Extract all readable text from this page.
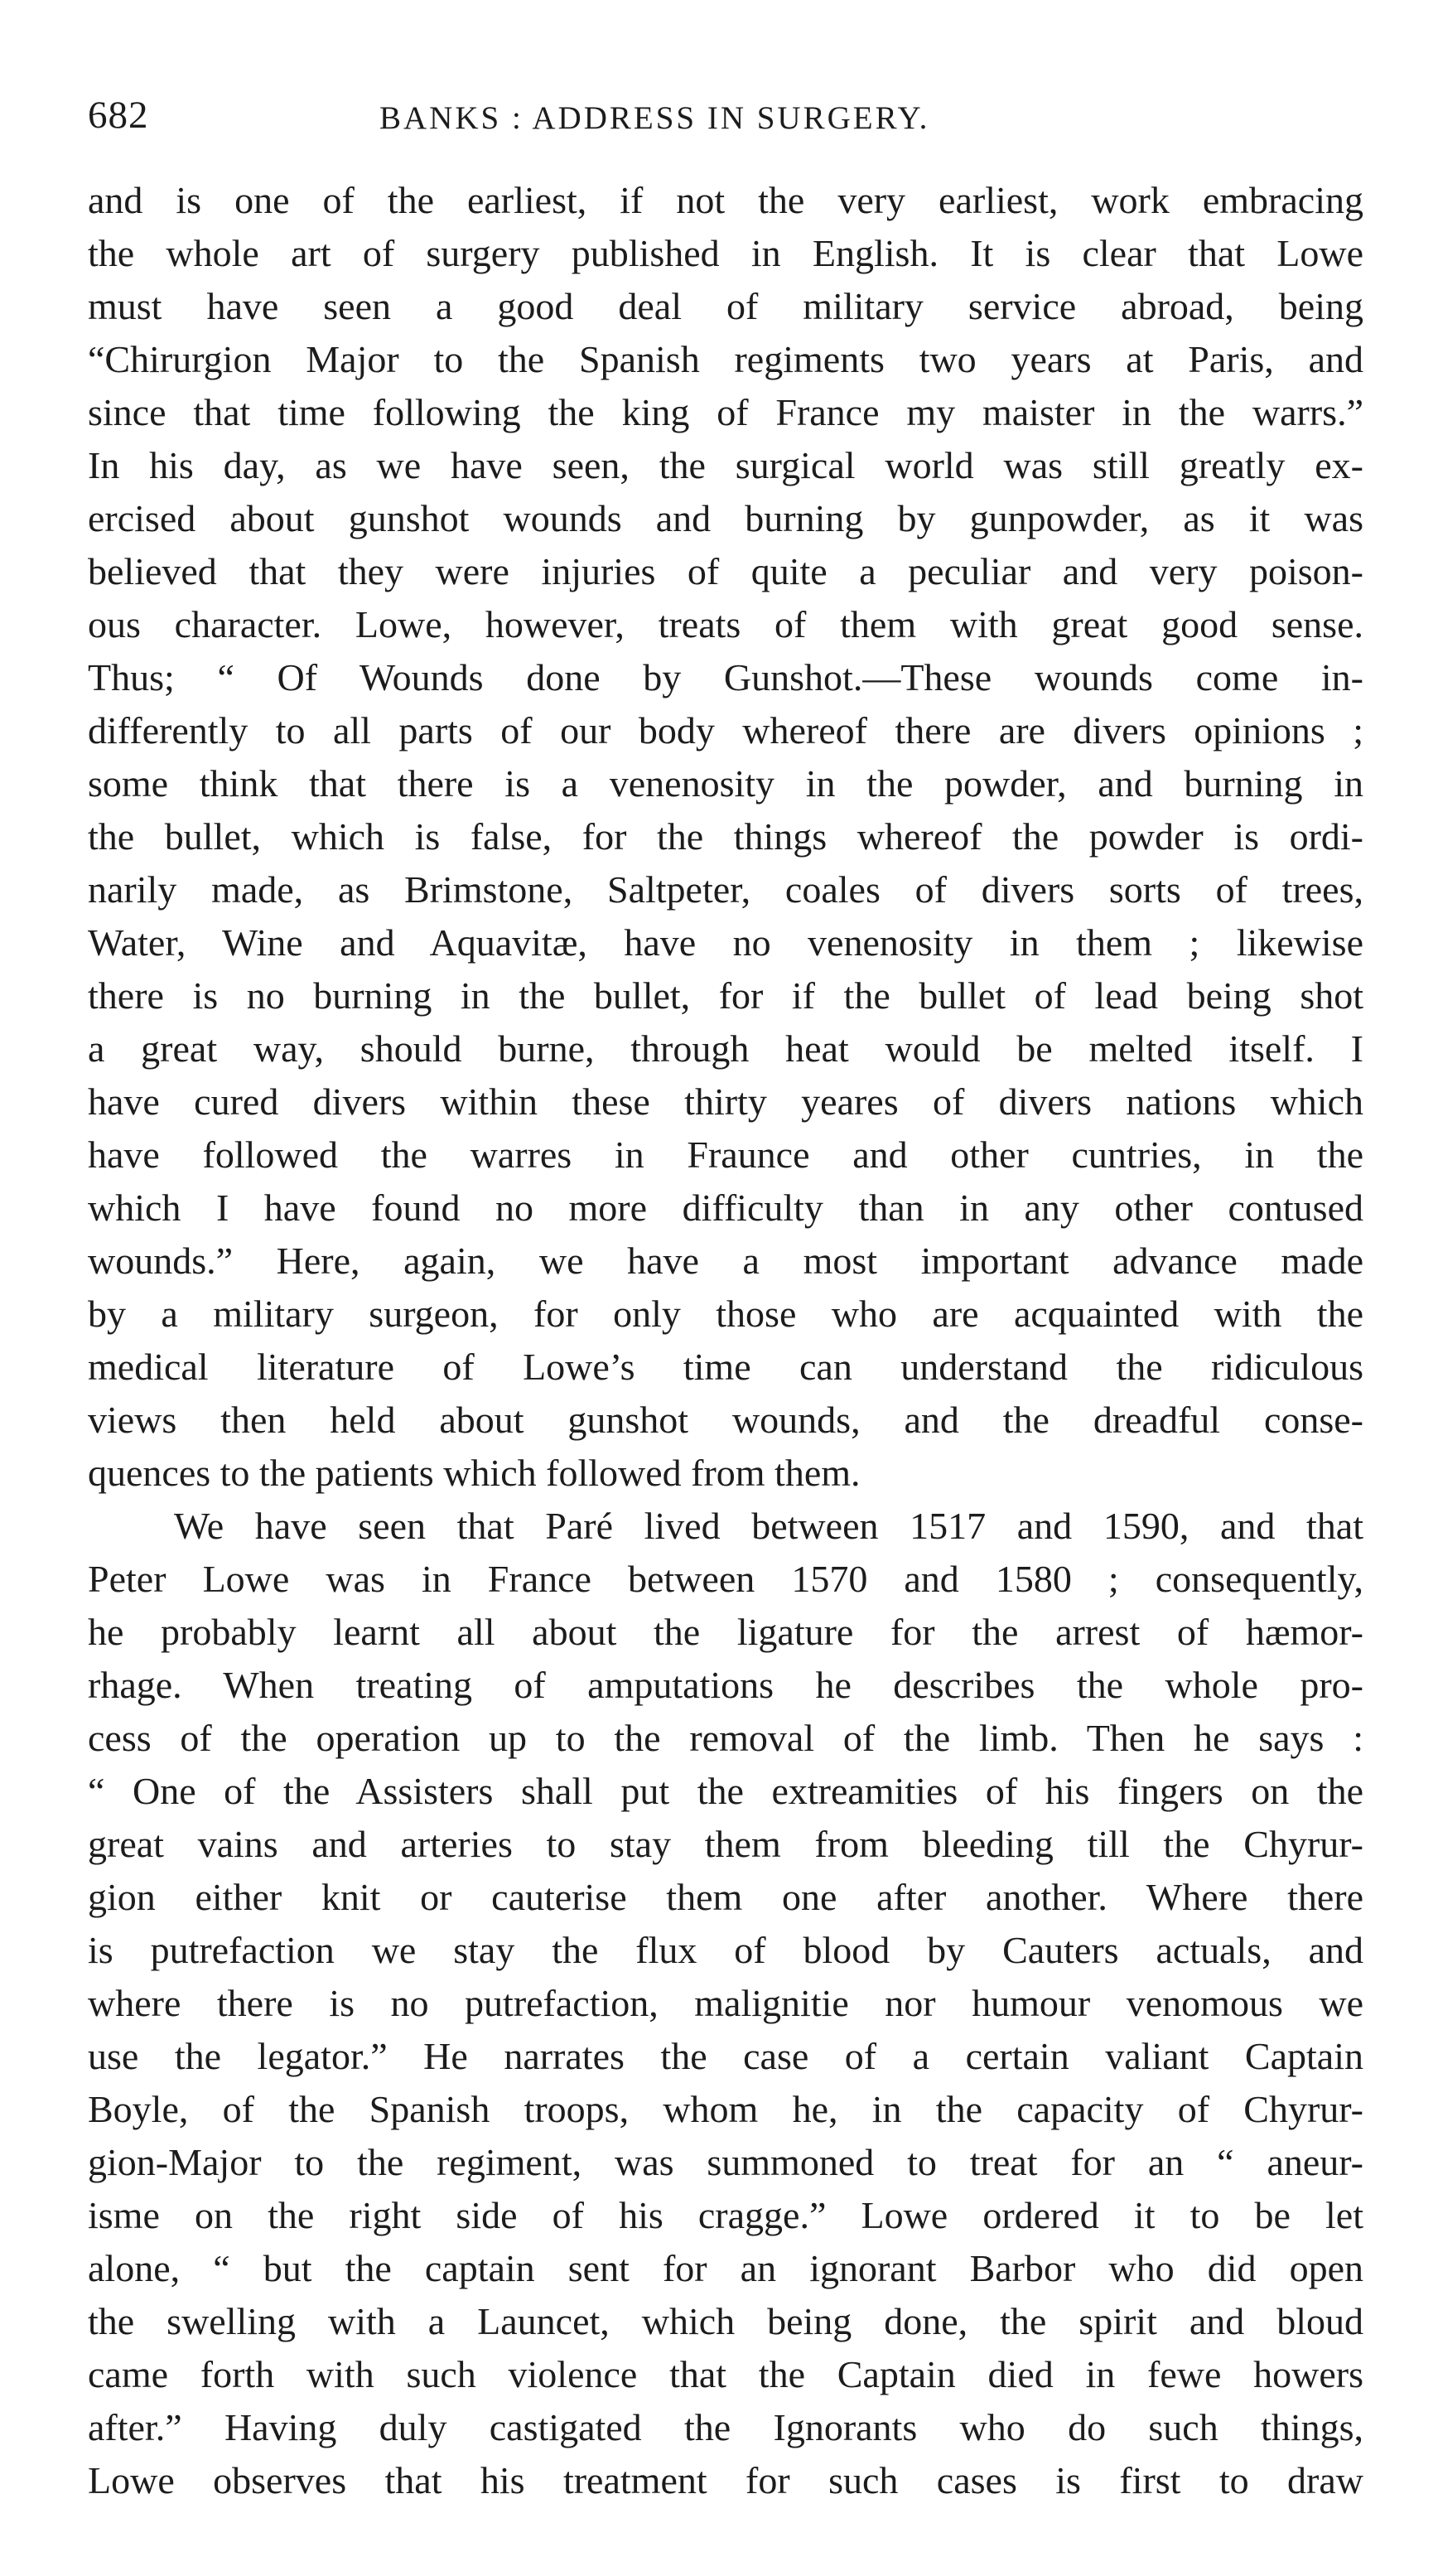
682	BANKS : ADDRESS IN SURGERY.
and is one of the earliest, if not the very earliest, work embracing
the whole art of surgery published in English. It is clear that Lowe
must have seen a good deal of military service abroad, being
“Chirurgion Major to the Spanish regiments two years at Paris, and
since that time following the king of France my maister in the warrs.”
In his day, as we have seen, the surgical world was still greatly ex-
ercised about gunshot wounds and burning by gunpowder, as it was
believed that they were injuries of quite a peculiar and very poison-
ous character. Lowe, however, treats of them with great good sense.
Thus; “ Of Wounds done by Gunshot.—These wounds come in-
differently to all parts of our body whereof there are divers opinions ;
some think that there is a venenosity in the powder, and burning in
the bullet, which is false, for the things whereof the powder is ordi-
narily made, as Brimstone, Saltpeter, coales of divers sorts of trees,
Water, Wine and Aquavitæ, have no venenosity in them ; likewise
there is no burning in the bullet, for if the bullet of lead being shot
a great way, should burne, through heat would be melted itself. I
have cured divers within these thirty yeares of divers nations which
have followed the warres in Fraunce and other cuntries, in the
which I have found no more difficulty than in any other contused
wounds.” Here, again, we have a most important advance made
by a military surgeon, for only those who are acquainted with the
medical literature of Lowe’s time can understand the ridiculous
views then held about gunshot wounds, and the dreadful conse-
quences to the patients which followed from them.
We have seen that Paré lived between 1517 and 1590, and that
Peter Lowe was in France between 1570 and 1580 ; consequently,
he probably learnt all about the ligature for the arrest of hæmor-
rhage. When treating of amputations he describes the whole pro-
cess of the operation up to the removal of the limb. Then he says :
“ One of the Assisters shall put the extreamities of his fingers on the
great vains and arteries to stay them from bleeding till the Chyrur-
gion either knit or cauterise them one after another. Where there
is putrefaction we stay the flux of blood by Cauters actuals, and
where there is no putrefaction, malignitie nor humour venomous we
use the legator.” He narrates the case of a certain valiant Captain
Boyle, of the Spanish troops, whom he, in the capacity of Chyrur-
gion-Major to the regiment, was summoned to treat for an “ aneur-
isme on the right side of his cragge.” Lowe ordered it to be let
alone, “ but the captain sent for an ignorant Barbor who did open
the swelling with a Launcet, which being done, the spirit and bloud
came forth with such violence that the Captain died in fewe howers
after.” Having duly castigated the Ignorants who do such things,
Lowe observes that his treatment for such cases is first to draw
